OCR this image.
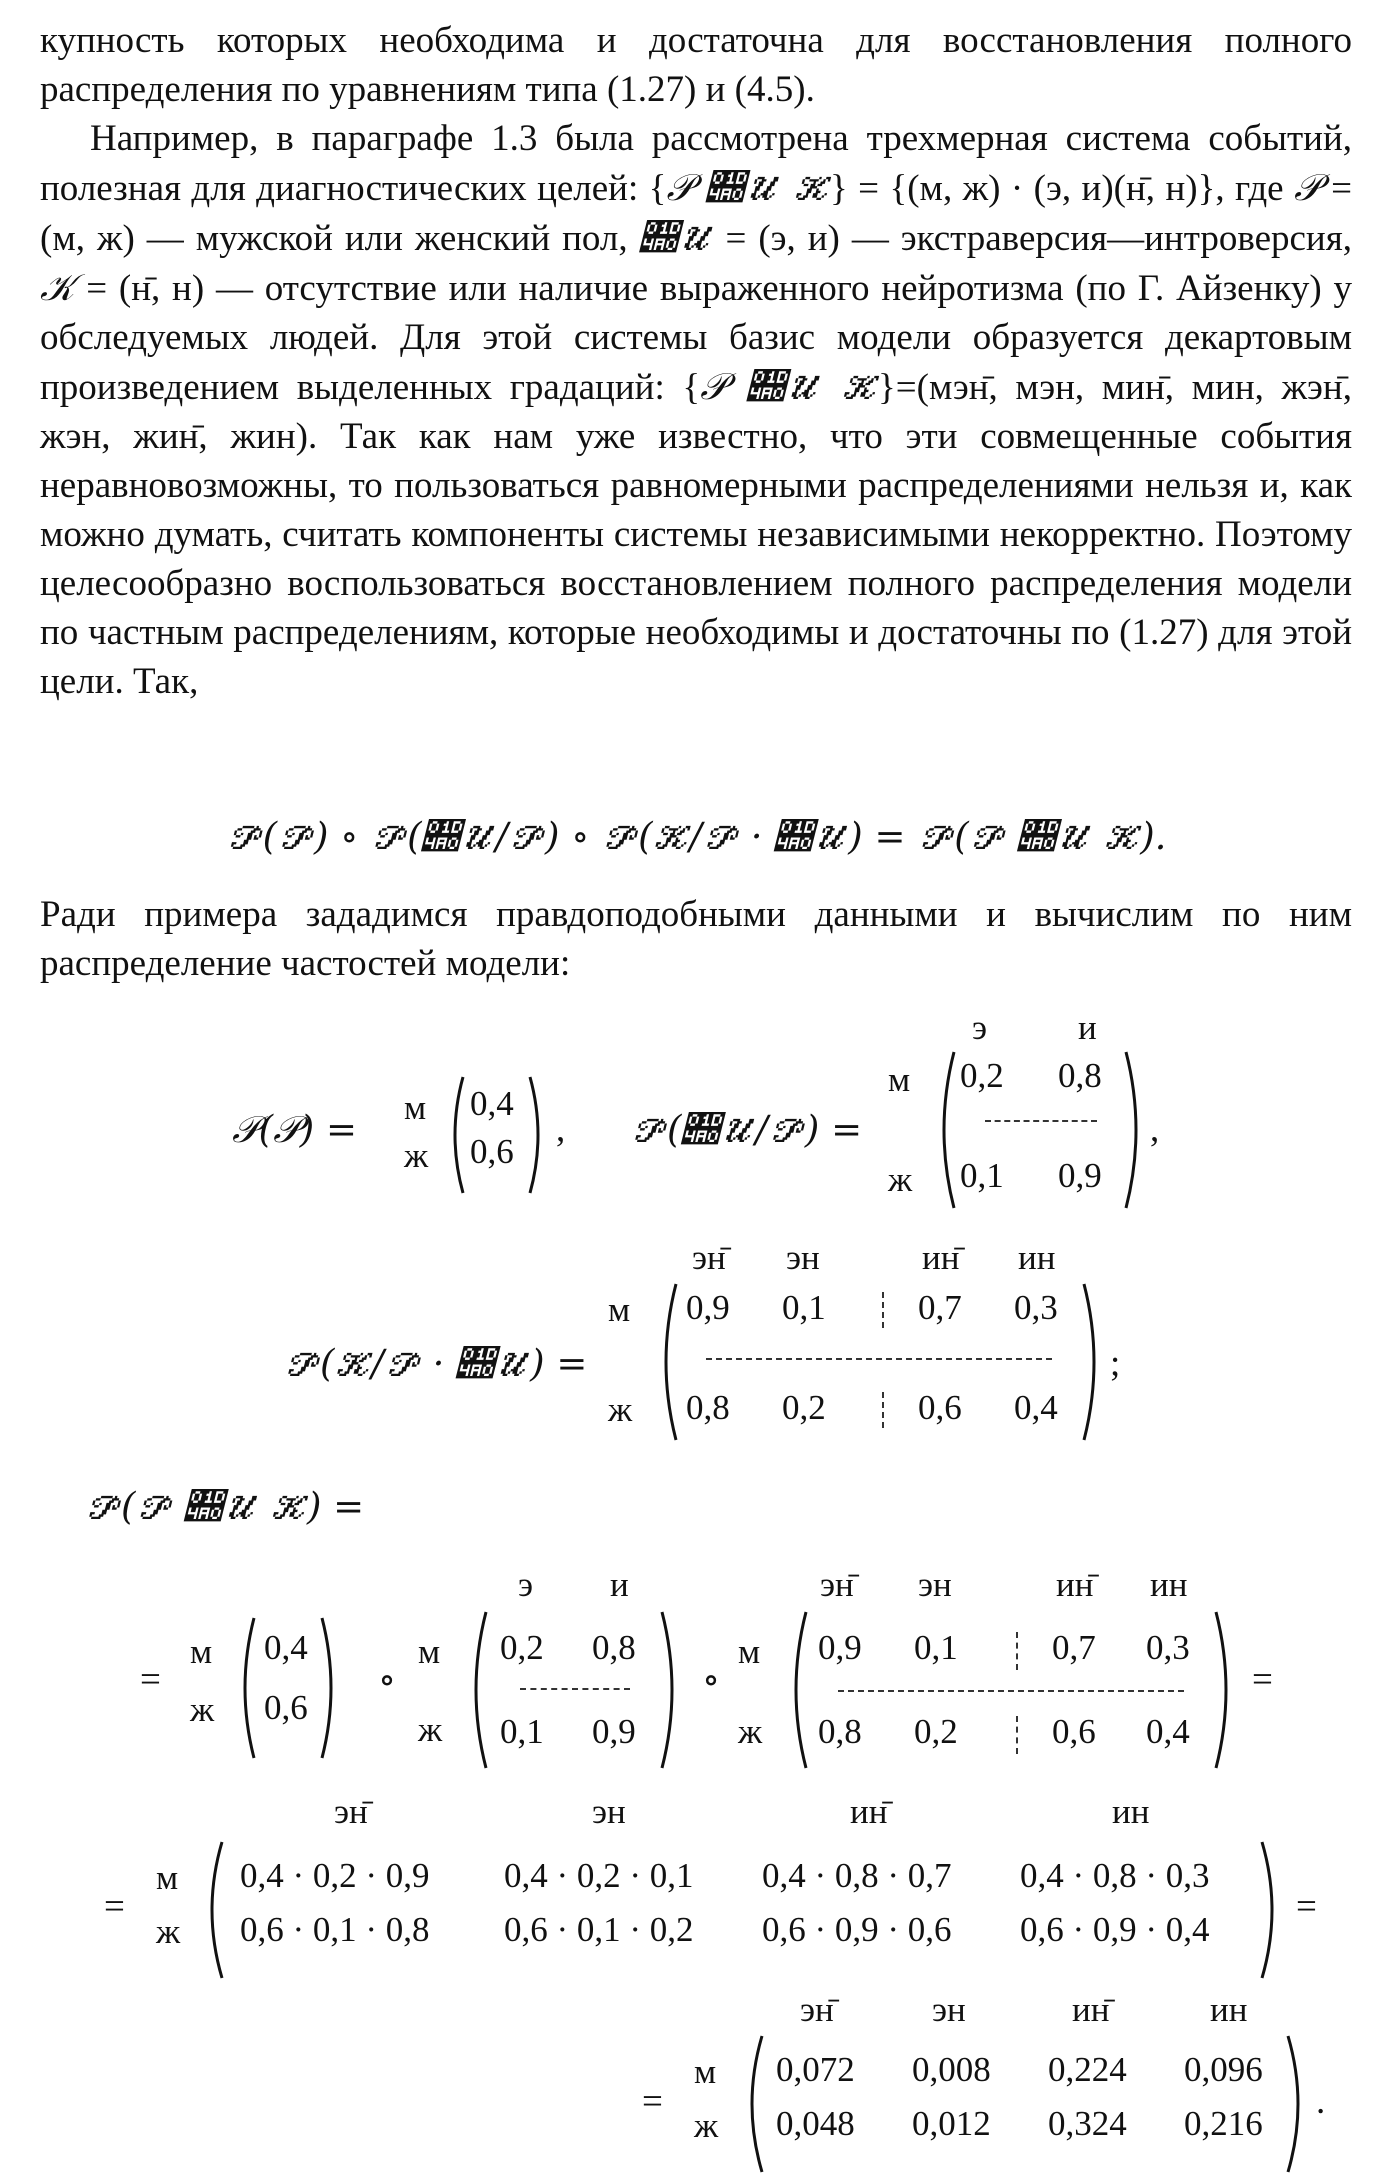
купность которых необходима и достаточна для восстановления полного распределения по уравнениям типа (1.27) и (4.5).

Например, в параграфе 1.3 была рассмотрена трехмерная система событий, полезная для диагностических целей: {𝒫 𝒠𝒰 𝒦} = {(м, ж) · (э, и)(н̄, н)}, где 𝒫 = (м, ж) — мужской или женский пол, 𝒠𝒰 = (э, и) — экстраверсия—интроверсия, 𝒦 = (н̄, н) — отсутствие или наличие выраженного нейротизма (по Г. Айзенку) у обследуемых людей. Для этой системы базис модели образуется декартовым произведением выделенных градаций: {𝒫 𝒠𝒰 𝒦}=(мэн̄, мэн, мин̄, мин, жэн̄, жэн, жин̄, жин). Так как нам уже известно, что эти совмещенные события неравновозможны, то пользоваться равномерными распределениями нельзя и, как можно думать, считать компоненты системы независимыми некорректно. Поэтому целесообразно воспользоваться восстановлением полного распределения модели по частным распределениям, которые необходимы и достаточны по (1.27) для этой цели. Так,

𝒫(𝒫) ∘ 𝒫(𝒠𝒰/𝒫) ∘ 𝒫(𝒦/𝒫 · 𝒠𝒰) = 𝒫(𝒫 𝒠𝒰 𝒦).

Ради примера зададимся правдоподобными данными и вычислим по ним распределение частостей модели:

𝒫(𝒫) =
м
ж
0,4
0,6
, 𝒫(𝒠𝒰/𝒫) =
э	и
м
ж
0,2 0,8
0,1 0,9
,
𝒫(𝒦/𝒫 · 𝒠𝒰) =
эн̄ эн	ин̄ ин
м
ж
0,9 0,1	0,7 0,3
0,8 0,2	0,6 0,4
;
𝒫(𝒫 𝒠𝒰 𝒦) =
=
м
ж
0,4
0,6
∘
э и
м
ж
0,2 0,8
0,1 0,9
∘
эн̄ эн	ин̄ ин
м
ж
0,9 0,1	0,7 0,3
0,8 0,2	0,6 0,4
=
эн̄	эн	ин̄	ин
=
м
ж
0,4 · 0,2 · 0,9 0,4 · 0,2 · 0,1 0,4 · 0,8 · 0,7 0,4 · 0,8 · 0,3
0,6 · 0,1 · 0,8 0,6 · 0,1 · 0,2 0,6 · 0,9 · 0,6 0,6 · 0,9 · 0,4
=
эн̄	эн	ин̄	ин
=
м
ж
0,072 0,008 0,224 0,096
0,048 0,012 0,324 0,216
.
